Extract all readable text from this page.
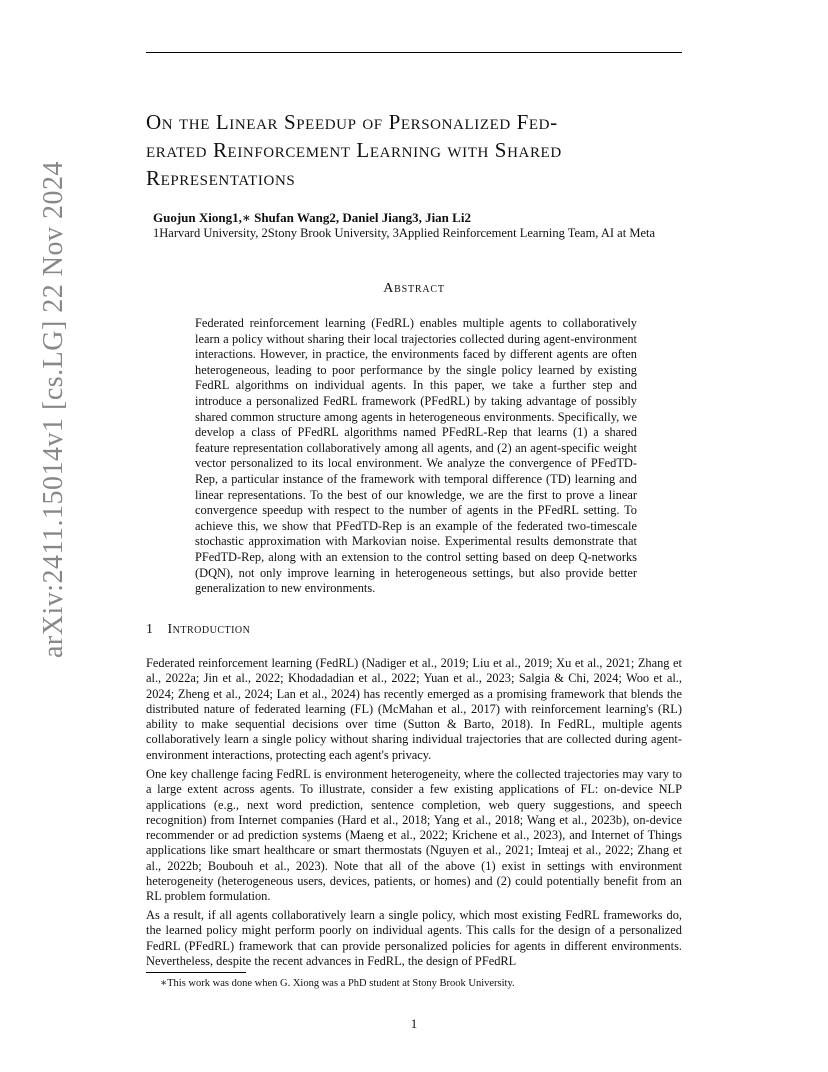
arXiv:2411.15014v1 [cs.LG] 22 Nov 2024
On the Linear Speedup of Personalized Fed-
erated Reinforcement Learning with Shared
Representations
Guojun Xiong1,∗ Shufan Wang2, Daniel Jiang3, Jian Li2
1Harvard University, 2Stony Brook University, 3Applied Reinforcement Learning Team, AI at Meta
Abstract

Federated reinforcement learning (FedRL) enables multiple agents to collaboratively learn a policy without sharing their local trajectories collected during agent-environment interactions. However, in practice, the environments faced by different agents are often heterogeneous, leading to poor performance by the single policy learned by existing FedRL algorithms on individual agents. In this paper, we take a further step and introduce a personalized FedRL framework (PFedRL) by taking advantage of possibly shared common structure among agents in heterogeneous environments. Specifically, we develop a class of PFedRL algorithms named PFedRL-Rep that learns (1) a shared feature representation collaboratively among all agents, and (2) an agent-specific weight vector personalized to its local environment. We analyze the convergence of PFedTD-Rep, a particular instance of the framework with temporal difference (TD) learning and linear representations. To the best of our knowledge, we are the first to prove a linear convergence speedup with respect to the number of agents in the PFedRL setting. To achieve this, we show that PFedTD-Rep is an example of the federated two-timescale stochastic approximation with Markovian noise. Experimental results demonstrate that PFedTD-Rep, along with an extension to the control setting based on deep Q-networks (DQN), not only improve learning in heterogeneous settings, but also provide better generalization to new environments.

1 Introduction

Federated reinforcement learning (FedRL) (Nadiger et al., 2019; Liu et al., 2019; Xu et al., 2021; Zhang et al., 2022a; Jin et al., 2022; Khodadadian et al., 2022; Yuan et al., 2023; Salgia & Chi, 2024; Woo et al., 2024; Zheng et al., 2024; Lan et al., 2024) has recently emerged as a promising framework that blends the distributed nature of federated learning (FL) (McMahan et al., 2017) with reinforcement learning's (RL) ability to make sequential decisions over time (Sutton & Barto, 2018). In FedRL, multiple agents collaboratively learn a single policy without sharing individual trajectories that are collected during agent-environment interactions, protecting each agent's privacy.

One key challenge facing FedRL is environment heterogeneity, where the collected trajectories may vary to a large extent across agents. To illustrate, consider a few existing applications of FL: on-device NLP applications (e.g., next word prediction, sentence completion, web query suggestions, and speech recognition) from Internet companies (Hard et al., 2018; Yang et al., 2018; Wang et al., 2023b), on-device recommender or ad prediction systems (Maeng et al., 2022; Krichene et al., 2023), and Internet of Things applications like smart healthcare or smart thermostats (Nguyen et al., 2021; Imteaj et al., 2022; Zhang et al., 2022b; Boubouh et al., 2023). Note that all of the above (1) exist in settings with environment heterogeneity (heterogeneous users, devices, patients, or homes) and (2) could potentially benefit from an RL problem formulation.

As a result, if all agents collaboratively learn a single policy, which most existing FedRL frameworks do, the learned policy might perform poorly on individual agents. This calls for the design of a personalized FedRL (PFedRL) framework that can provide personalized policies for agents in different environments. Nevertheless, despite the recent advances in FedRL, the design of PFedRL

∗This work was done when G. Xiong was a PhD student at Stony Brook University.
1
